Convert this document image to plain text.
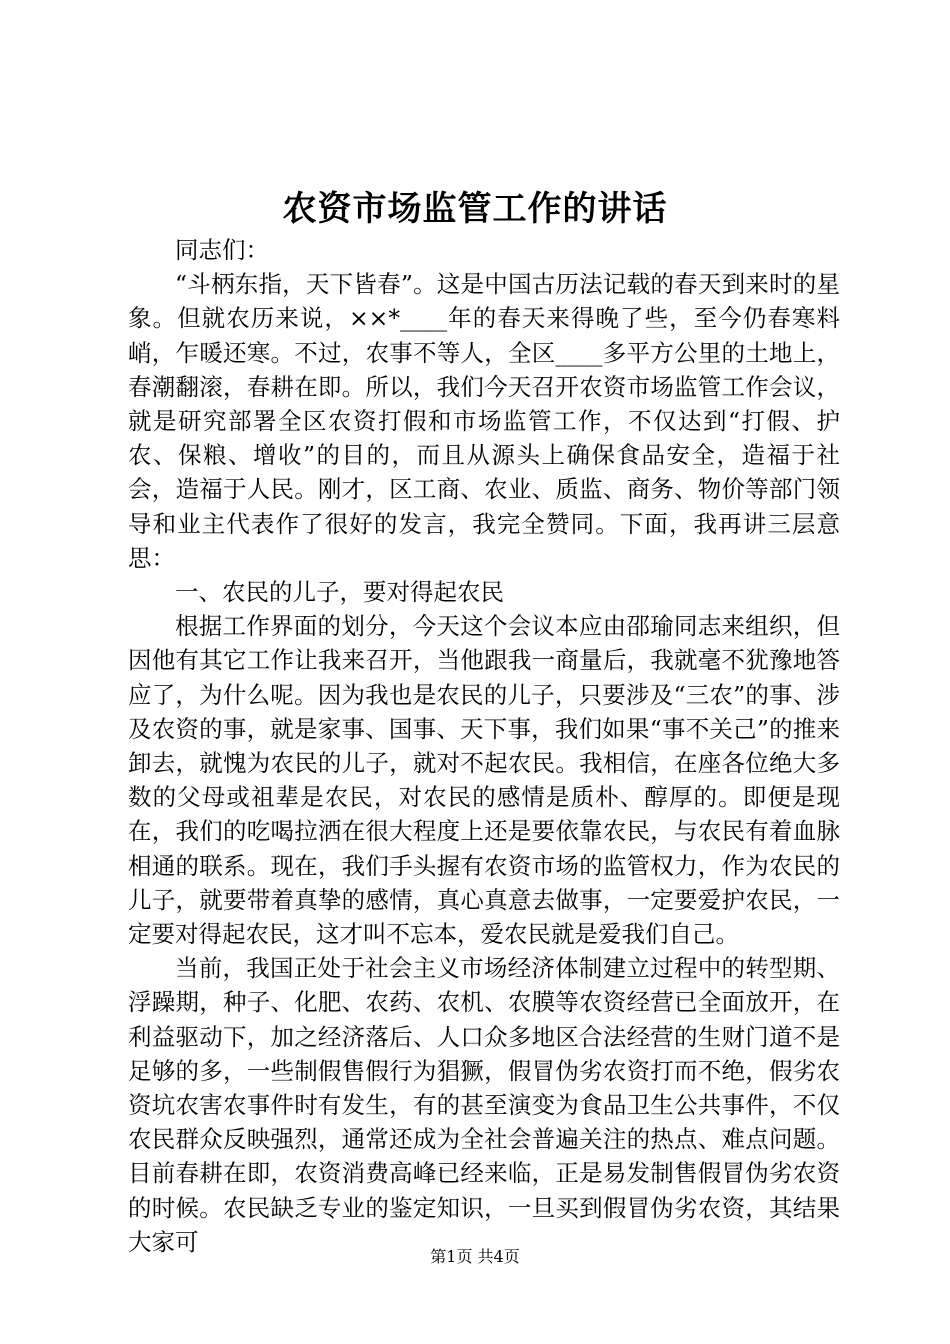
农资市场监管工作的讲话

同志们：

“斗柄东指，天下皆春”。这是中国古历法记载的春天到来时的星象。但就农历来说，××*____年的春天来得晚了些，至今仍春寒料峭，乍暖还寒。不过，农事不等人，全区____多平方公里的土地上，春潮翻滚，春耕在即。所以，我们今天召开农资市场监管工作会议，就是研究部署全区农资打假和市场监管工作，不仅达到“打假、护农、保粮、增收”的目的，而且从源头上确保食品安全，造福于社会，造福于人民。刚才，区工商、农业、质监、商务、物价等部门领导和业主代表作了很好的发言，我完全赞同。下面，我再讲三层意思：

一、农民的儿子，要对得起农民

根据工作界面的划分，今天这个会议本应由邵瑜同志来组织，但因他有其它工作让我来召开，当他跟我一商量后，我就毫不犹豫地答应了，为什么呢。因为我也是农民的儿子，只要涉及“三农”的事、涉及农资的事，就是家事、国事、天下事，我们如果“事不关己”的推来卸去，就愧为农民的儿子，就对不起农民。我相信，在座各位绝大多数的父母或祖辈是农民，对农民的感情是质朴、醇厚的。即便是现在，我们的吃喝拉洒在很大程度上还是要依靠农民，与农民有着血脉相通的联系。现在，我们手头握有农资市场的监管权力，作为农民的儿子，就要带着真挚的感情，真心真意去做事，一定要爱护农民，一定要对得起农民，这才叫不忘本，爱农民就是爱我们自己。

当前，我国正处于社会主义市场经济体制建立过程中的转型期、浮躁期，种子、化肥、农药、农机、农膜等农资经营已全面放开，在利益驱动下，加之经济落后、人口众多地区合法经营的生财门道不是足够的多，一些制假售假行为猖獗，假冒伪劣农资打而不绝，假劣农资坑农害农事件时有发生，有的甚至演变为食品卫生公共事件，不仅农民群众反映强烈，通常还成为全社会普遍关注的热点、难点问题。目前春耕在即，农资消费高峰已经来临，正是易发制售假冒伪劣农资的时候。农民缺乏专业的鉴定知识，一旦买到假冒伪劣农资，其结果大家可

第1页 共4页
